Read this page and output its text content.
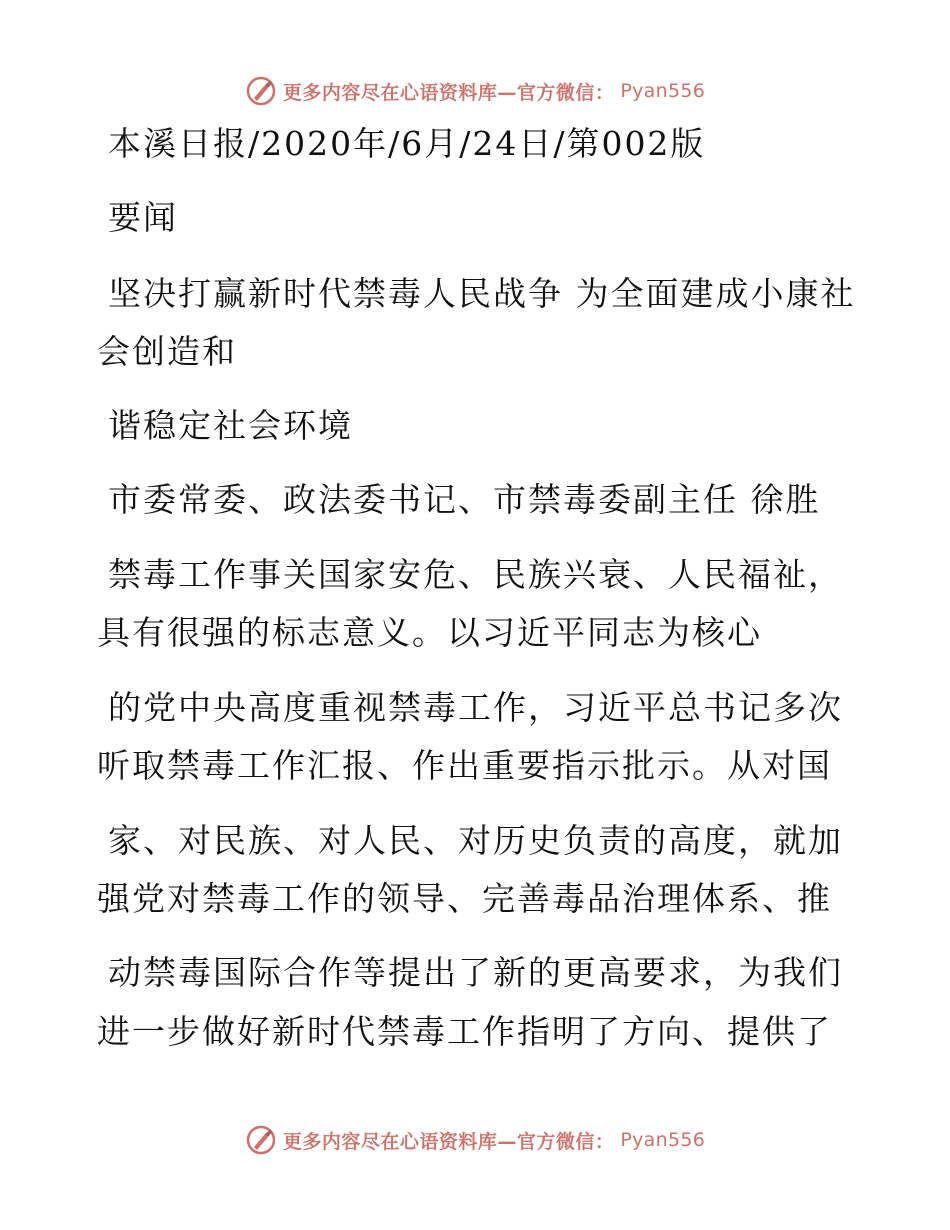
更多内容尽在心语资料库—官方微信： Pyan556
本溪日报/2020年/6月/24日/第002版
要闻
坚决打赢新时代禁毒人民战争 为全面建成小康社
会创造和
谐稳定社会环境
市委常委、政法委书记、市禁毒委副主任 徐胜
禁毒工作事关国家安危、民族兴衰、人民福祉，
具有很强的标志意义。以习近平同志为核心
的党中央高度重视禁毒工作，习近平总书记多次
听取禁毒工作汇报、作出重要指示批示。从对国
家、对民族、对人民、对历史负责的高度，就加
强党对禁毒工作的领导、完善毒品治理体系、推
动禁毒国际合作等提出了新的更高要求，为我们
进一步做好新时代禁毒工作指明了方向、提供了
更多内容尽在心语资料库—官方微信： Pyan556
